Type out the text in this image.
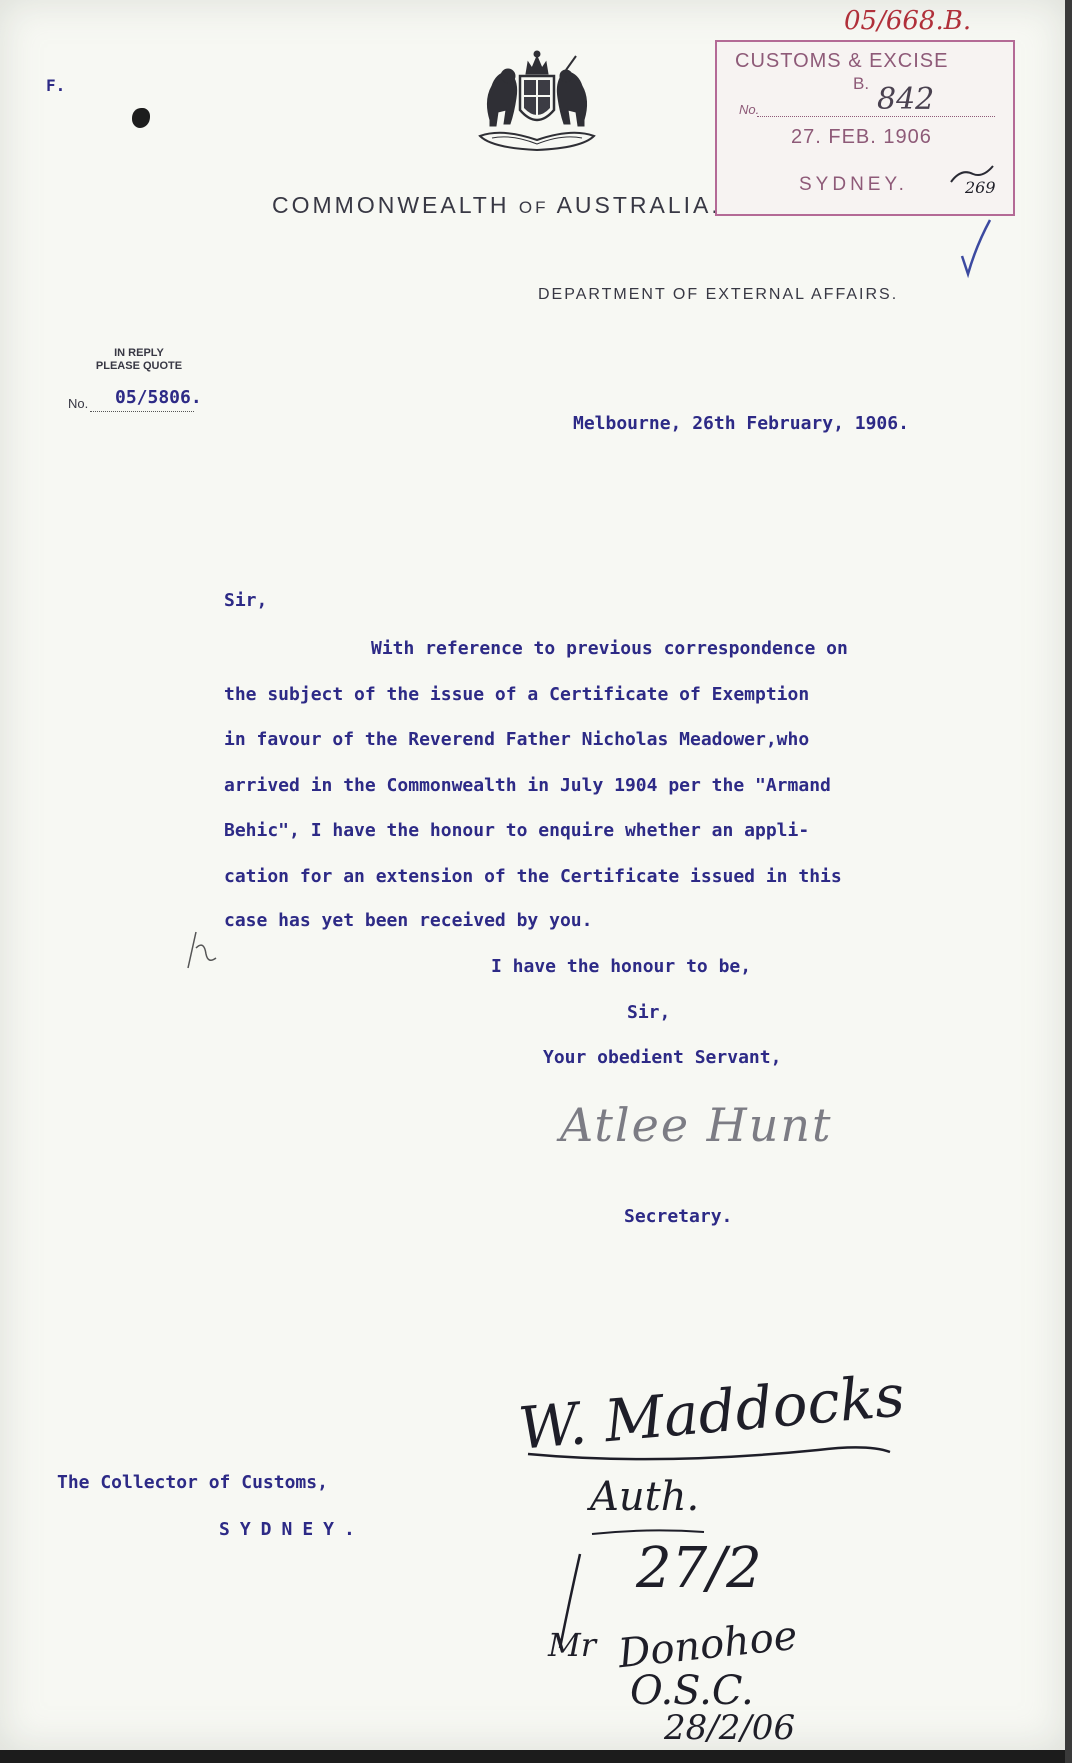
F.
COMMONWEALTH OF AUSTRALIA.
DEPARTMENT OF EXTERNAL AFFAIRS.
IN REPLY
PLEASE QUOTE
No. 05/5806.
CUSTOMS & EXCISE
B.
No.	842
27. FEB. 1906
SYDNEY.	269
05/668.B.
Melbourne, 26th February, 1906.
Sir,
With reference to previous correspondence on
the subject of the issue of a Certificate of Exemption
in favour of the Reverend Father Nicholas Meadower,who
arrived in the Commonwealth in July 1904 per the "Armand
Behic", I have the honour to enquire whether an appli-
cation for an extension of the Certificate issued in this
case has yet been received by you.
I have the honour to be,
Sir,
Your obedient Servant,
Atlee Hunt
Secretary.
The Collector of Customs,
SYDNEY.
W. Maddocks
Auth.
27/2
Mr Donohoe
O.S.C.
28/2/06
